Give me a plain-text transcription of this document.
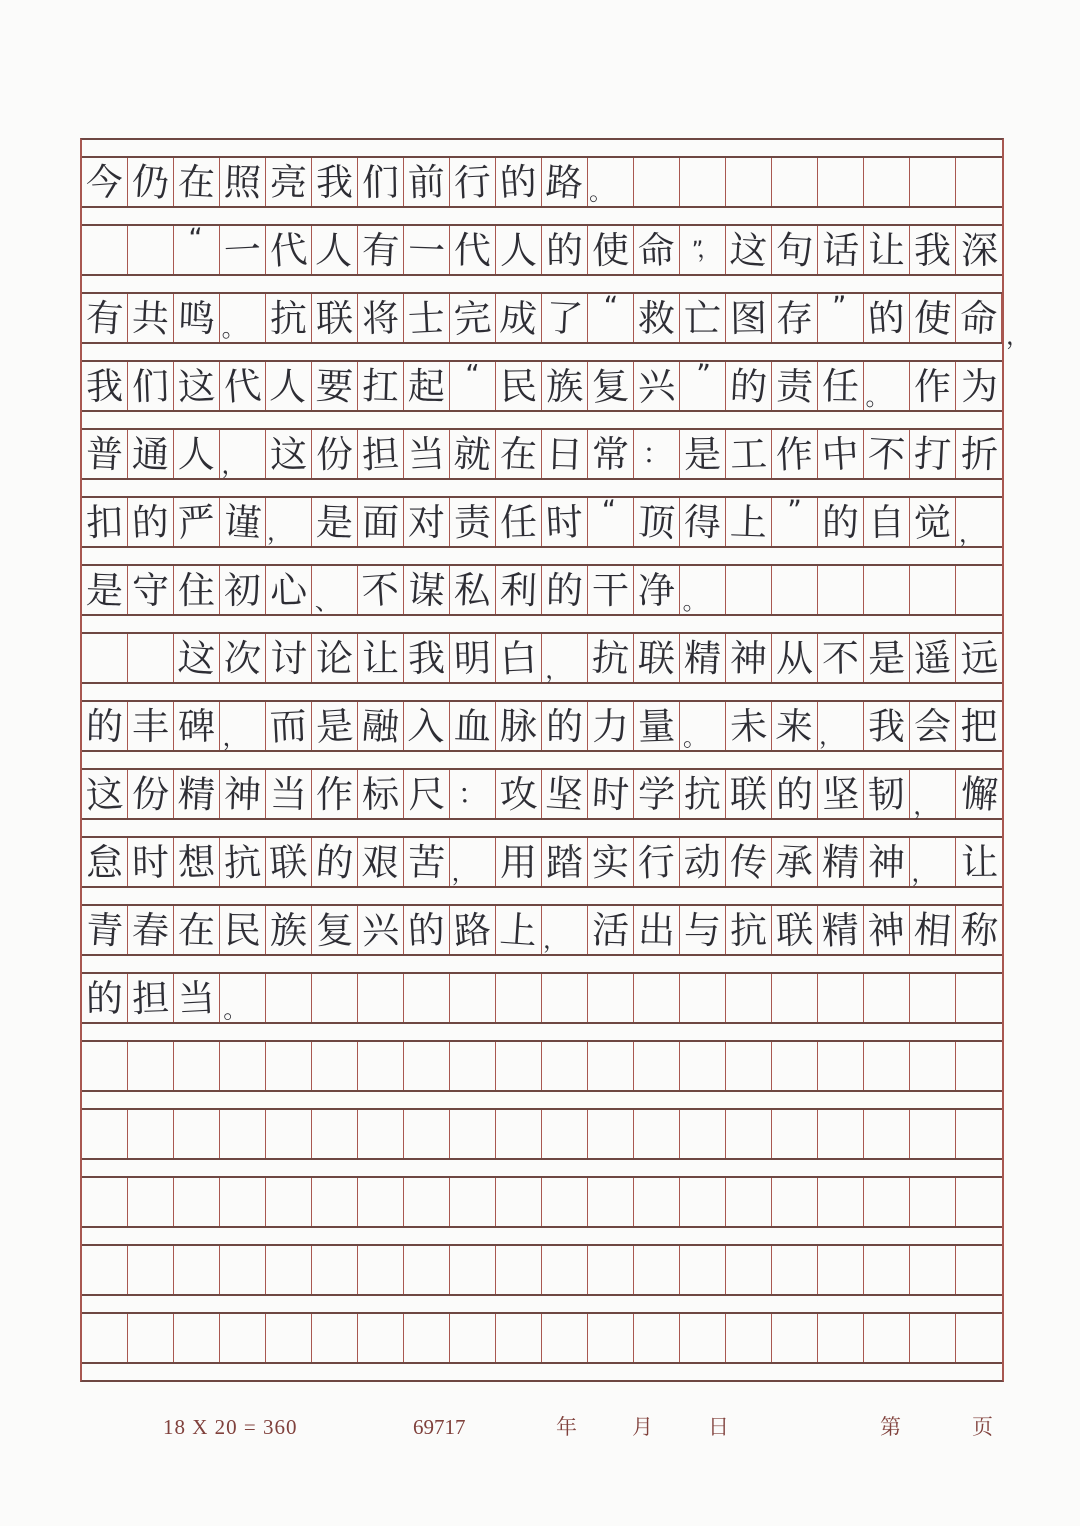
今 仍 在 照 亮 我 们 前 行 的 路 。
“ 一 代 人 有 一 代 人 的 使 命 ”， 这 句 话 让 我 深
有 共 鸣 。 抗 联 将 士 完 成 了 “ 救 亡 图 存 ” 的 使 命 ，
我 们 这 代 人 要 扛 起 “ 民 族 复 兴 ” 的 责 任 。 作 为
普 通 人 ， 这 份 担 当 就 在 日 常 ： 是 工 作 中 不 打 折
扣 的 严 谨 ， 是 面 对 责 任 时 “ 顶 得 上 ” 的 自 觉 ，
是 守 住 初 心 、 不 谋 私 利 的 干 净 。
这 次 讨 论 让 我 明 白 ， 抗 联 精 神 从 不 是 遥 远
的 丰 碑 ， 而 是 融 入 血 脉 的 力 量 。 未 来 ， 我 会 把
这 份 精 神 当 作 标 尺 ： 攻 坚 时 学 抗 联 的 坚 韧 ， 懈
怠 时 想 抗 联 的 艰 苦 ， 用 踏 实 行 动 传 承 精 神 ， 让
青 春 在 民 族 复 兴 的 路 上 ， 活 出 与 抗 联 精 神 相 称
的 担 当 。
18 X 20 = 360	69717	年	月	日	第	页
